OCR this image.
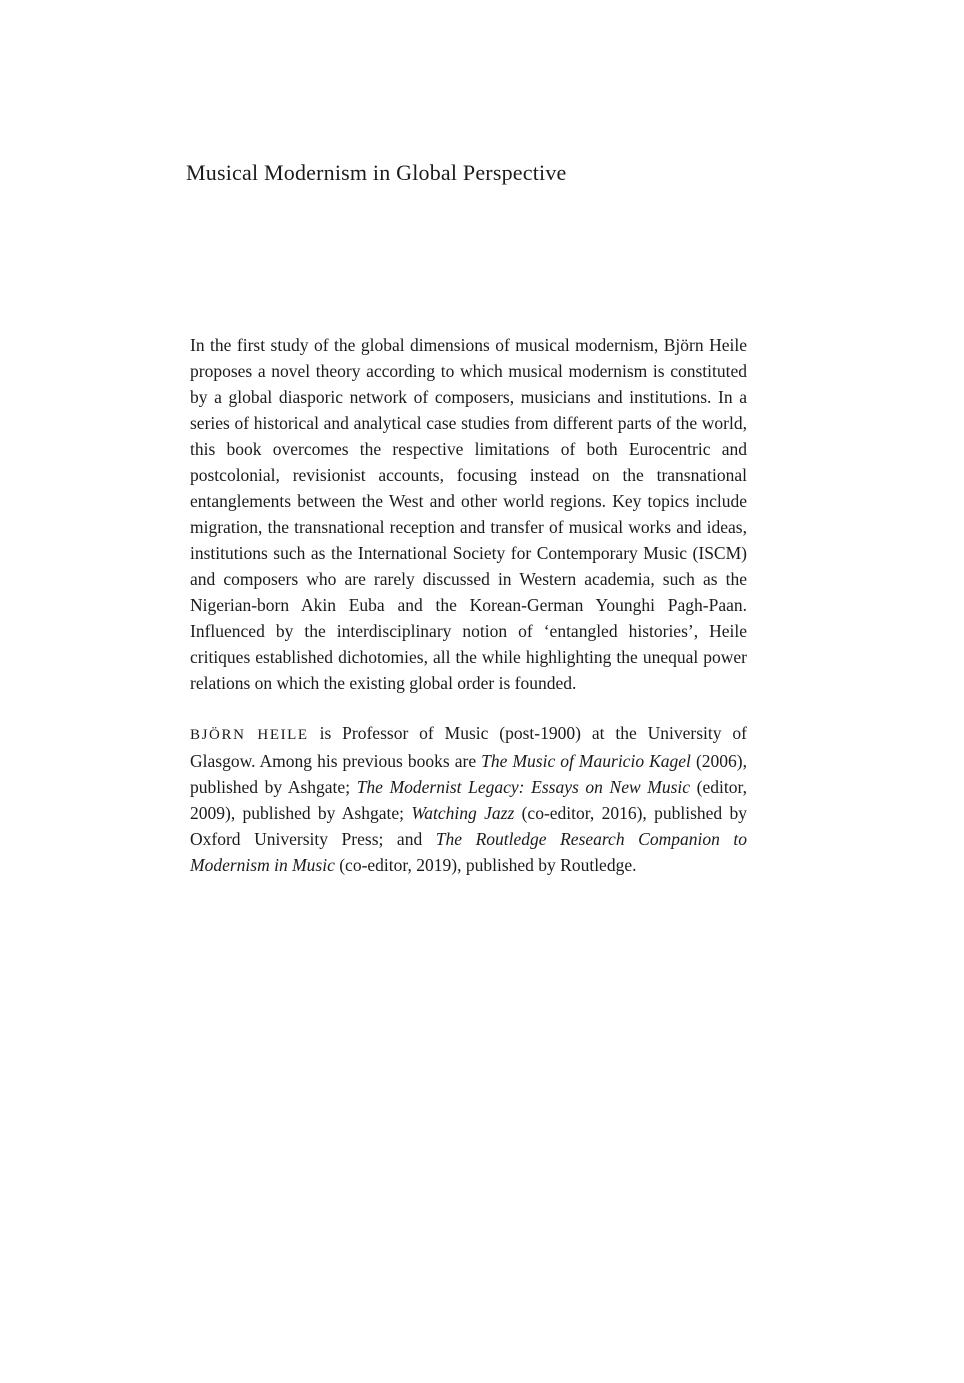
Musical Modernism in Global Perspective

In the first study of the global dimensions of musical modernism, Björn Heile proposes a novel theory according to which musical modernism is constituted by a global diasporic network of composers, musicians and institutions. In a series of historical and analytical case studies from different parts of the world, this book overcomes the respective limitations of both Eurocentric and postcolonial, revisionist accounts, focusing instead on the transnational entanglements between the West and other world regions. Key topics include migration, the transnational reception and transfer of musical works and ideas, institutions such as the International Society for Contemporary Music (ISCM) and composers who are rarely discussed in Western academia, such as the Nigerian-born Akin Euba and the Korean-German Younghi Pagh-Paan. Influenced by the interdisciplinary notion of ‘entangled histories’, Heile critiques established dichotomies, all the while highlighting the unequal power relations on which the existing global order is founded.

BJÖRN HEILE is Professor of Music (post-1900) at the University of Glasgow. Among his previous books are The Music of Mauricio Kagel (2006), published by Ashgate; The Modernist Legacy: Essays on New Music (editor, 2009), published by Ashgate; Watching Jazz (co-editor, 2016), published by Oxford University Press; and The Routledge Research Companion to Modernism in Music (co-editor, 2019), published by Routledge.
